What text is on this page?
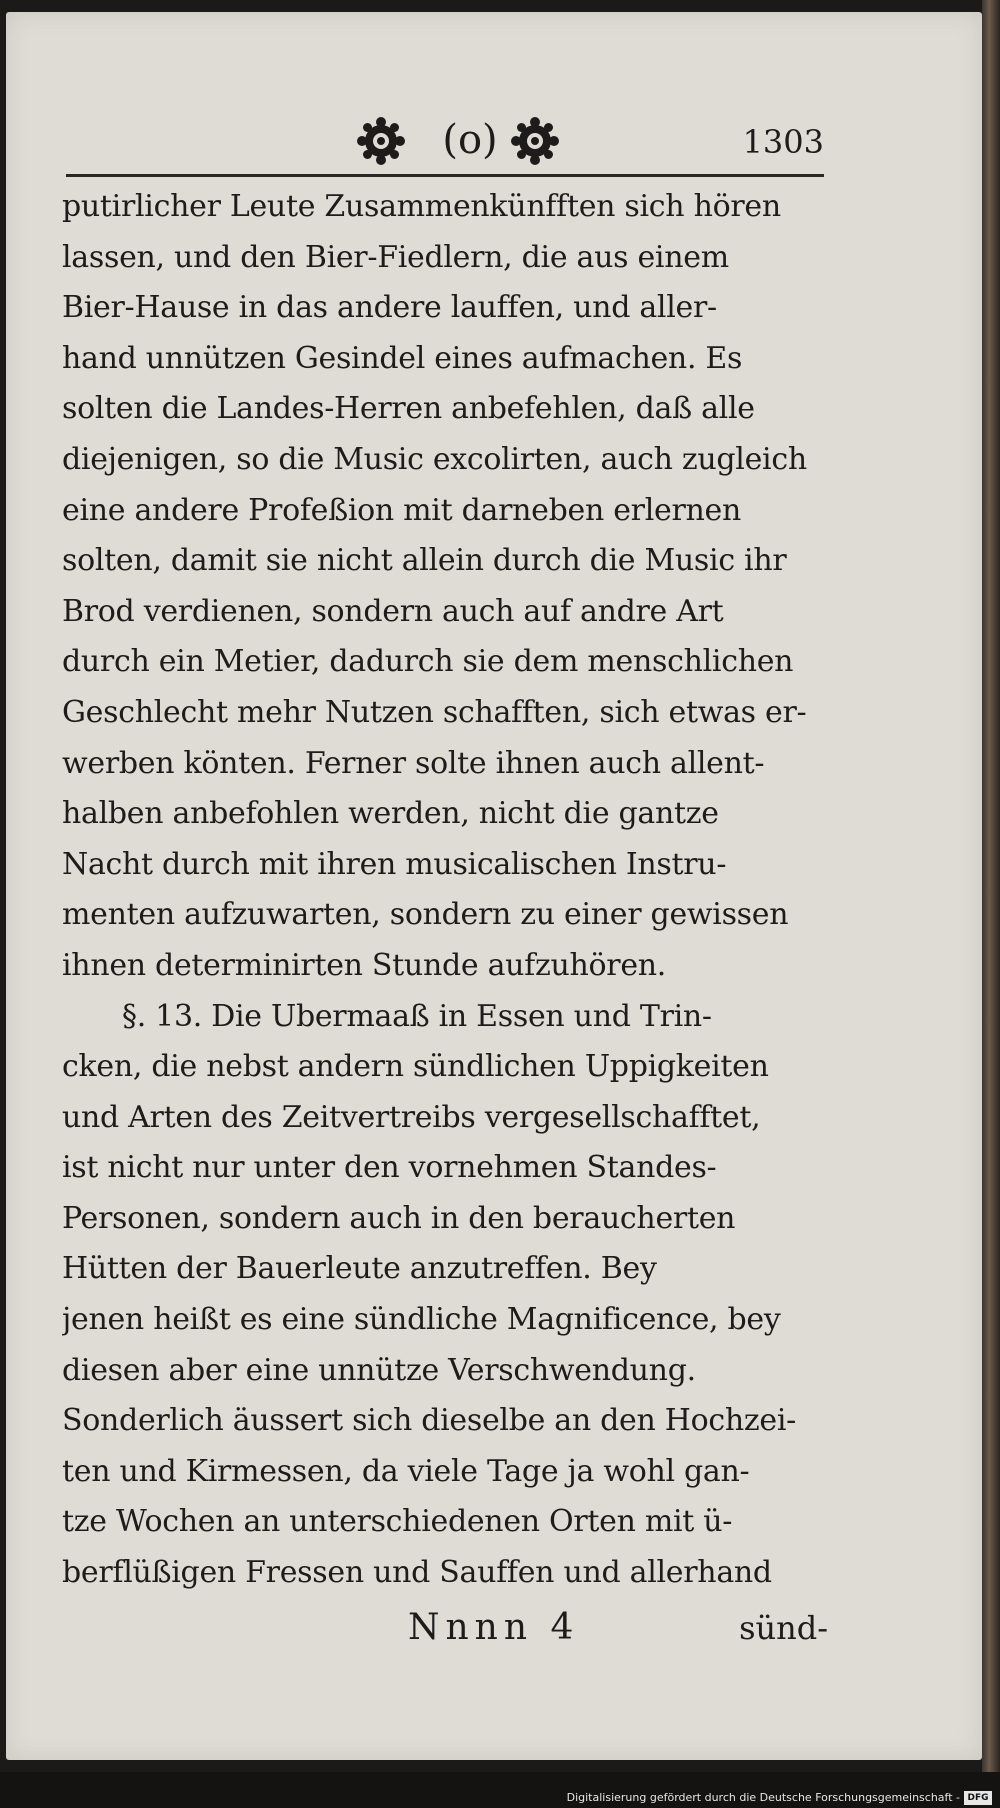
(o)	1303
putirlicher Leute Zusammenkünfften sich hören
lassen, und den Bier-Fiedlern, die aus einem
Bier-Hause in das andere lauffen, und aller-
hand unnützen Gesindel eines aufmachen. Es
solten die Landes-Herren anbefehlen, daß alle
diejenigen, so die Music excolirten, auch zugleich
eine andere Profeßion mit darneben erlernen
solten, damit sie nicht allein durch die Music ihr
Brod verdienen, sondern auch auf andre Art
durch ein Metier, dadurch sie dem menschlichen
Geschlecht mehr Nutzen schafften, sich etwas er-
werben könten. Ferner solte ihnen auch allent-
halben anbefohlen werden, nicht die gantze
Nacht durch mit ihren musicalischen Instru-
menten aufzuwarten, sondern zu einer gewissen
ihnen determinirten Stunde aufzuhören.
§. 13. Die Ubermaaß in Essen und Trin-
cken, die nebst andern sündlichen Uppigkeiten
und Arten des Zeitvertreibs vergesellschafftet,
ist nicht nur unter den vornehmen Standes-
Personen, sondern auch in den beraucherten
Hütten der Bauerleute anzutreffen. Bey
jenen heißt es eine sündliche Magnificence, bey
diesen aber eine unnütze Verschwendung.
Sonderlich äussert sich dieselbe an den Hochzei-
ten und Kirmessen, da viele Tage ja wohl gan-
tze Wochen an unterschiedenen Orten mit ü-
berflüßigen Fressen und Sauffen und allerhand
Nnnn 4	sünd-
Digitalisierung gefördert durch die Deutsche Forschungsgemeinschaft - DFG
